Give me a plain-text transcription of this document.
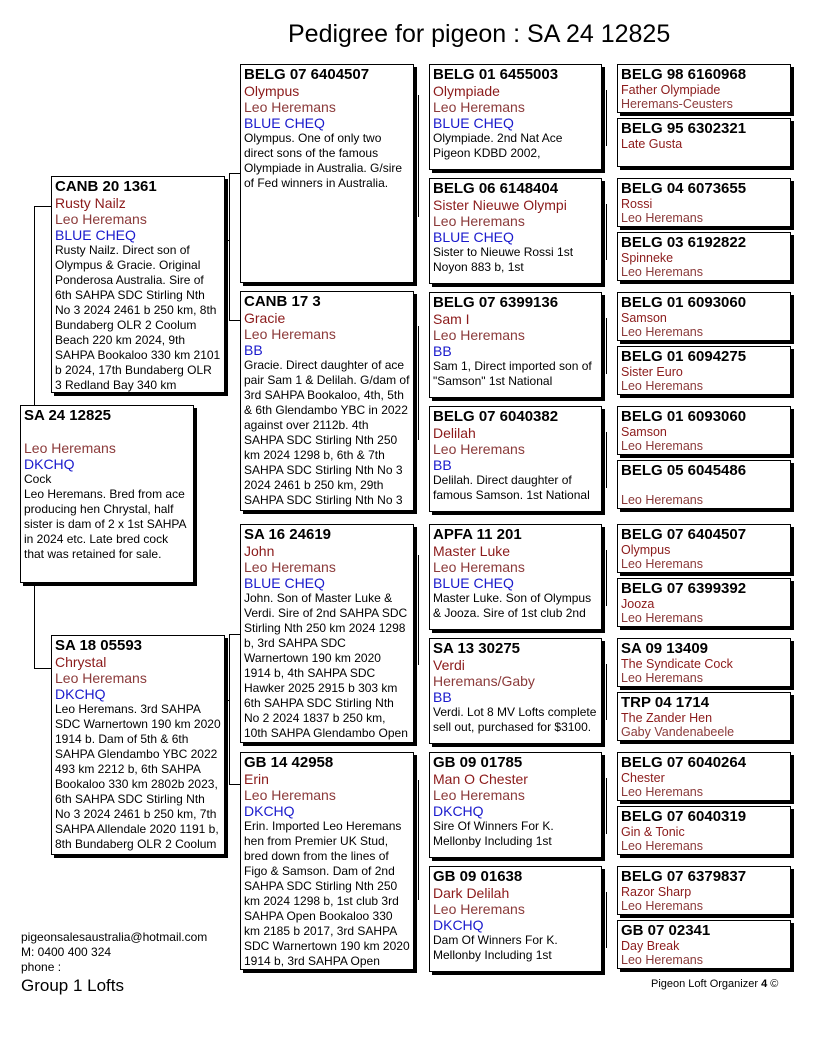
Pedigree for pigeon : SA 24 12825
SA 24 12825
Leo Heremans
DKCHQ
Cock
Leo Heremans. Bred from ace producing hen Chrystal, half sister is dam of 2 x 1st SAHPA in 2024 etc. Late bred cock that was retained for sale.
CANB 20 1361
Rusty Nailz
Leo Heremans
BLUE CHEQ
Rusty Nailz. Direct son of Olympus & Gracie. Original Ponderosa Australia. Sire of 6th SAHPA SDC Stirling Nth No 3 2024 2461 b 250 km, 8th Bundaberg OLR 2 Coolum Beach 220 km 2024, 9th SAHPA Bookaloo 330 km 2101 b 2024, 17th Bundaberg OLR 3 Redland Bay 340 km
SA 18 05593
Chrystal
Leo Heremans
DKCHQ
Leo Heremans. 3rd SAHPA SDC Warnertown 190 km 2020 1914 b. Dam of 5th & 6th SAHPA Glendambo YBC 2022 493 km 2212 b, 6th SAHPA Bookaloo 330 km 2802b 2023, 6th SAHPA SDC Stirling Nth No 3 2024 2461 b 250 km, 7th SAHPA Allendale 2020 1191 b, 8th Bundaberg OLR 2 Coolum
BELG 07 6404507
Olympus
Leo Heremans
BLUE CHEQ
Olympus. One of only two direct sons of the famous Olympiade in Australia. G/sire of Fed winners in Australia.
CANB 17 3
Gracie
Leo Heremans
BB
Gracie. Direct daughter of ace pair Sam 1 & Delilah. G/dam of 3rd SAHPA Bookaloo, 4th, 5th & 6th Glendambo YBC in 2022 against over 2112b. 4th SAHPA SDC Stirling Nth 250 km 2024 1298 b, 6th & 7th SAHPA SDC Stirling Nth No 3 2024 2461 b 250 km, 29th SAHPA SDC Stirling Nth No 3
SA 16 24619
John
Leo Heremans
BLUE CHEQ
John. Son of Master Luke & Verdi. Sire of 2nd SAHPA SDC Stirling Nth 250 km 2024 1298 b, 3rd SAHPA SDC Warnertown 190 km 2020 1914 b, 4th SAHPA SDC Hawker 2025 2915 b 303 km 6th SAHPA SDC Stirling Nth No 2 2024 1837 b 250 km, 10th SAHPA Glendambo Open
GB 14 42958
Erin
Leo Heremans
DKCHQ
Erin. Imported Leo Heremans hen from Premier UK Stud, bred down from the lines of Figo & Samson. Dam of 2nd SAHPA SDC Stirling Nth 250 km 2024 1298 b, 1st club 3rd SAHPA Open Bookaloo 330 km 2185 b 2017, 3rd SAHPA SDC Warnertown 190 km 2020 1914 b, 3rd SAHPA Open
BELG 01 6455003
Olympiade
Leo Heremans
BLUE CHEQ
Olympiade. 2nd Nat Ace Pigeon KDBD 2002,
BELG 06 6148404
Sister Nieuwe Olympi
Leo Heremans
BLUE CHEQ
Sister to Nieuwe Rossi 1st Noyon 883 b, 1st
BELG 07 6399136
Sam I
Leo Heremans
BB
Sam 1, Direct imported son of "Samson" 1st National
BELG 07 6040382
Delilah
Leo Heremans
BB
Delilah. Direct daughter of famous Samson. 1st National
APFA 11 201
Master Luke
Leo Heremans
BLUE CHEQ
Master Luke. Son of Olympus & Jooza. Sire of 1st club 2nd
SA 13 30275
Verdi
Heremans/Gaby
BB
Verdi. Lot 8 MV Lofts complete sell out, purchased for $3100.
GB 09 01785
Man O Chester
Leo Heremans
DKCHQ
Sire Of Winners For K. Mellonby Including 1st
GB 09 01638
Dark Delilah
Leo Heremans
DKCHQ
Dam Of Winners For K. Mellonby Including 1st
BELG 98 6160968
Father Olympiade
Heremans-Ceusters
BELG 95 6302321
Late Gusta
BELG 04 6073655
Rossi
Leo Heremans
BELG 03 6192822
Spinneke
Leo Heremans
BELG 01 6093060
Samson
Leo Heremans
BELG 01 6094275
Sister Euro
Leo Heremans
BELG 01 6093060
Samson
Leo Heremans
BELG 05 6045486
Leo Heremans
BELG 07 6404507
Olympus
Leo Heremans
BELG 07 6399392
Jooza
Leo Heremans
SA 09 13409
The Syndicate Cock
Leo Heremans
TRP 04 1714
The Zander Hen
Gaby Vandenabeele
BELG 07 6040264
Chester
Leo Heremans
BELG 07 6040319
Gin & Tonic
Leo Heremans
BELG 07 6379837
Razor Sharp
Leo Heremans
GB 07 02341
Day Break
Leo Heremans
pigeonsalesaustralia@hotmail.com
M: 0400 400 324
phone :
Group 1 Lofts	Pigeon Loft Organizer 4 ©
